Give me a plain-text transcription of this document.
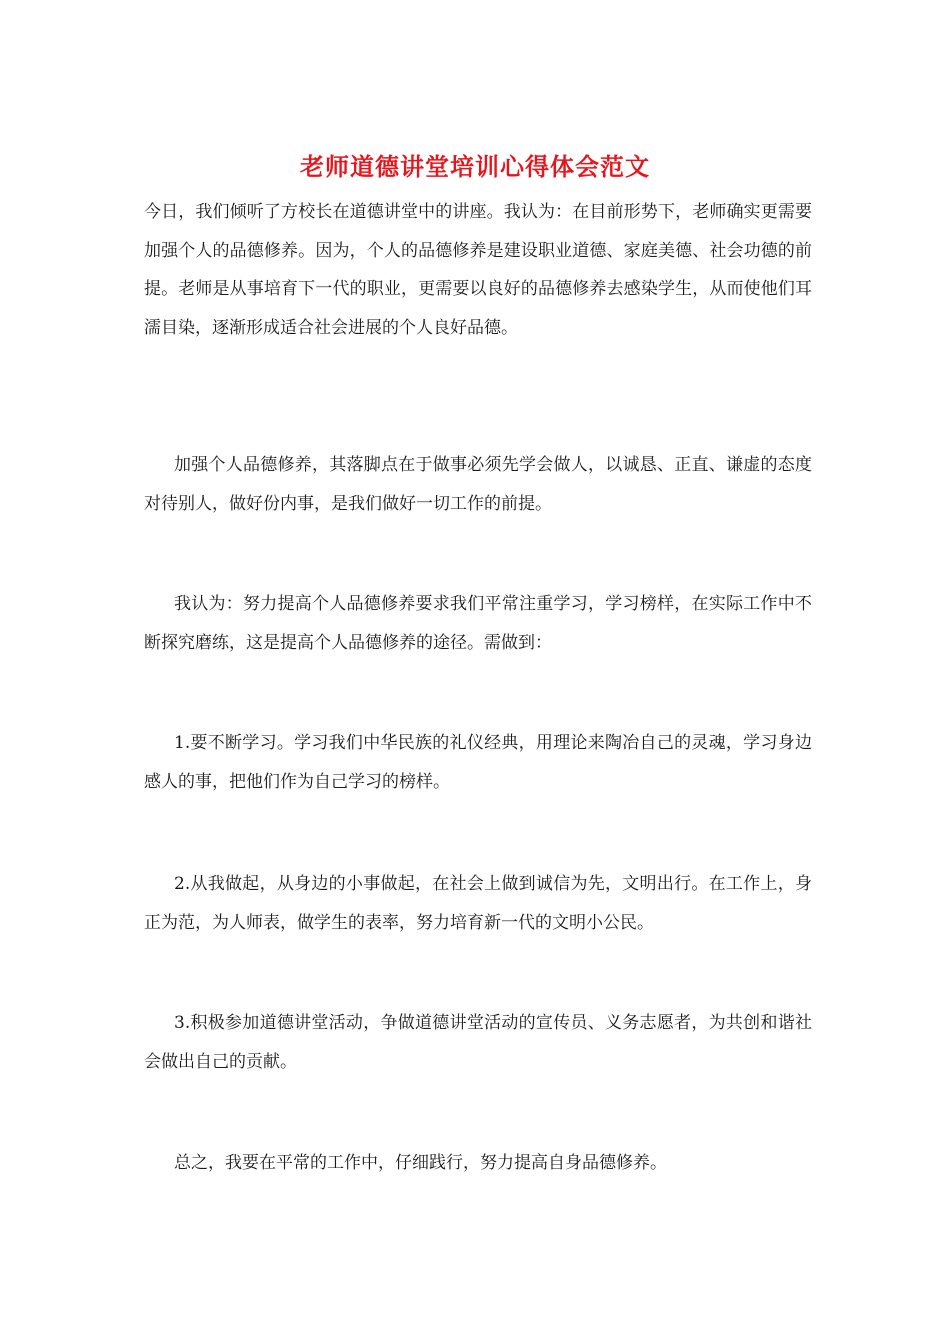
老师道德讲堂培训心得体会范文

今日，我们倾听了方校长在道德讲堂中的讲座。我认为：在目前形势下，老师确实更需要加强个人的品德修养。因为，个人的品德修养是建设职业道德、家庭美德、社会功德的前提。老师是从事培育下一代的职业，更需要以良好的品德修养去感染学生，从而使他们耳濡目染，逐渐形成适合社会进展的个人良好品德。

加强个人品德修养，其落脚点在于做事必须先学会做人，以诚恳、正直、谦虚的态度对待别人，做好份内事，是我们做好一切工作的前提。

我认为：努力提高个人品德修养要求我们平常注重学习，学习榜样，在实际工作中不断探究磨练，这是提高个人品德修养的途径。需做到：

1.要不断学习。学习我们中华民族的礼仪经典，用理论来陶冶自己的灵魂，学习身边感人的事，把他们作为自己学习的榜样。

2.从我做起，从身边的小事做起，在社会上做到诚信为先，文明出行。在工作上，身正为范，为人师表，做学生的表率，努力培育新一代的文明小公民。

3.积极参加道德讲堂活动，争做道德讲堂活动的宣传员、义务志愿者，为共创和谐社会做出自己的贡献。

总之，我要在平常的工作中，仔细践行，努力提高自身品德修养。
